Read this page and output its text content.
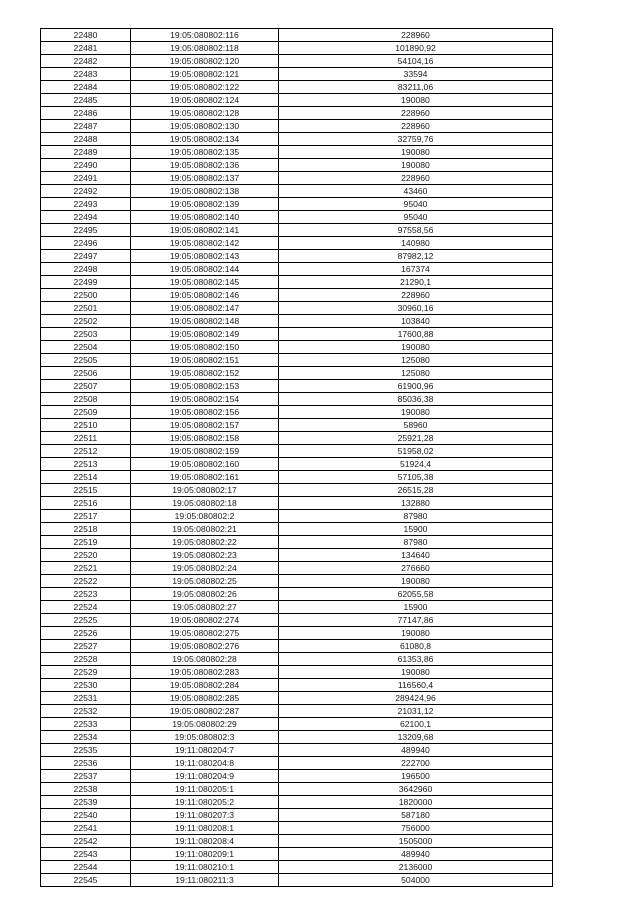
22480	19:05:080802:116	228960
22481	19:05:080802:118	101890,92
22482	19:05:080802:120	54104,16
22483	19:05:080802:121	33594
22484	19:05:080802:122	83211,06
22485	19:05:080802:124	190080
22486	19:05:080802:128	228960
22487	19:05:080802:130	228960
22488	19:05:080802:134	32759,76
22489	19:05:080802:135	190080
22490	19:05:080802:136	190080
22491	19:05:080802:137	228960
22492	19:05:080802:138	43460
22493	19:05:080802:139	95040
22494	19:05:080802:140	95040
22495	19:05:080802:141	97558,56
22496	19:05:080802:142	140980
22497	19:05:080802:143	87982,12
22498	19:05:080802:144	167374
22499	19:05:080802:145	21290,1
22500	19:05:080802:146	228960
22501	19:05:080802:147	30960,16
22502	19:05:080802:148	103840
22503	19:05:080802:149	17600,88
22504	19:05:080802:150	190080
22505	19:05:080802:151	125080
22506	19:05:080802:152	125080
22507	19:05:080802:153	61900,96
22508	19:05:080802:154	85036,38
22509	19:05:080802:156	190080
22510	19:05:080802:157	58960
22511	19:05:080802:158	25921,28
22512	19:05:080802:159	51958,02
22513	19:05:080802:160	51924,4
22514	19:05:080802:161	57105,38
22515	19:05:080802:17	26515,28
22516	19:05:080802:18	132880
22517	19:05:080802:2	87980
22518	19:05:080802:21	15900
22519	19:05:080802:22	87980
22520	19:05:080802:23	134640
22521	19:05:080802:24	276660
22522	19:05:080802:25	190080
22523	19:05:080802:26	62055,58
22524	19:05:080802:27	15900
22525	19:05:080802:274	77147,86
22526	19:05:080802:275	190080
22527	19:05:080802:276	61080,8
22528	19:05:080802:28	61353,86
22529	19:05:080802:283	190080
22530	19:05:080802:284	116560,4
22531	19:05:080802:285	289424,96
22532	19:05:080802:287	21031,12
22533	19:05:080802:29	62100,1
22534	19:05:080802:3	13209,68
22535	19:11:080204:7	489940
22536	19:11:080204:8	222700
22537	19:11:080204:9	196500
22538	19:11:080205:1	3642960
22539	19:11:080205:2	1820000
22540	19:11:080207:3	587180
22541	19:11:080208:1	756000
22542	19:11:080208:4	1505000
22543	19:11:080209:1	489940
22544	19:11:080210:1	2136000
22545	19:11:080211:3	504000
